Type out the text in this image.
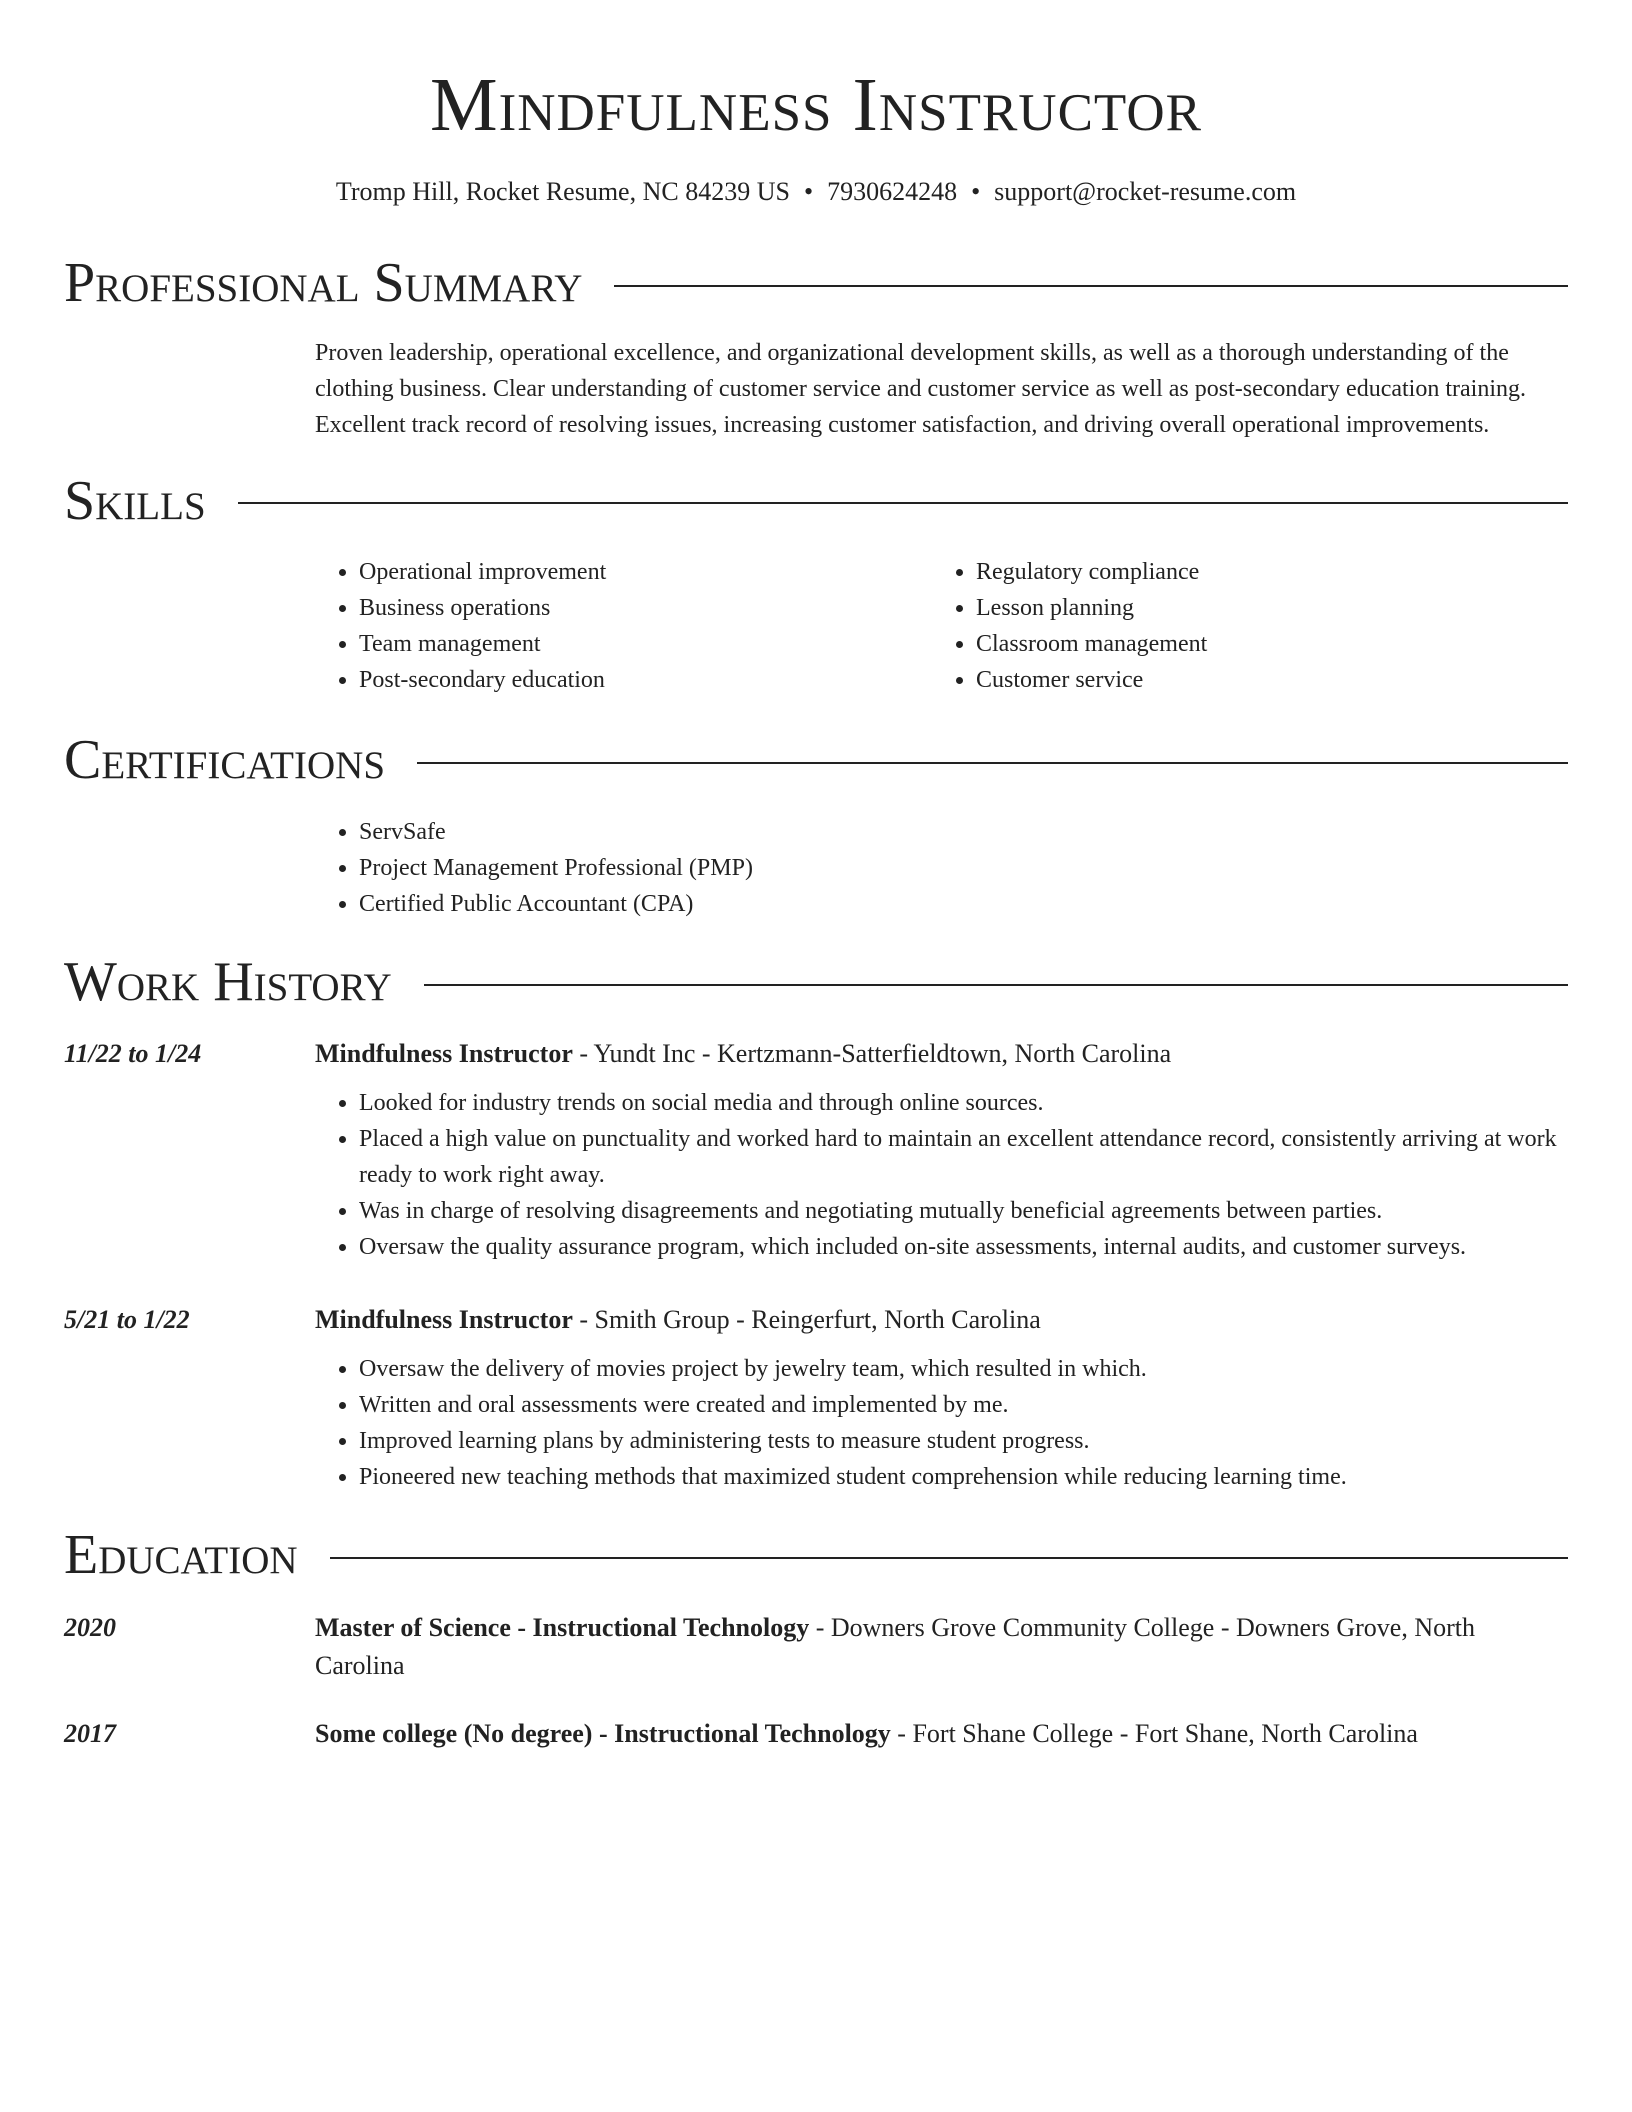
Mindfulness Instructor
Tromp Hill, Rocket Resume, NC 84239 US • 7930624248 • support@rocket-resume.com
Professional Summary

Proven leadership, operational excellence, and organizational development skills, as well as a thorough understanding of the clothing business. Clear understanding of customer service and customer service as well as post-secondary education training. Excellent track record of resolving issues, increasing customer satisfaction, and driving overall operational improvements.

Skills
• Operational improvement
• Business operations
• Team management
• Post-secondary education
• Regulatory compliance
• Lesson planning
• Classroom management
• Customer service
Certifications
• ServSafe
• Project Management Professional (PMP)
• Certified Public Accountant (CPA)
Work History
11/22 to 1/24	Mindfulness Instructor - Yundt Inc - Kertzmann-Satterfieldtown, North Carolina
• Looked for industry trends on social media and through online sources.
• Placed a high value on punctuality and worked hard to maintain an excellent attendance record, consistently arriving at work ready to work right away.
• Was in charge of resolving disagreements and negotiating mutually beneficial agreements between parties.
• Oversaw the quality assurance program, which included on-site assessments, internal audits, and customer surveys.
5/21 to 1/22	Mindfulness Instructor - Smith Group - Reingerfurt, North Carolina
• Oversaw the delivery of movies project by jewelry team, which resulted in which.
• Written and oral assessments were created and implemented by me.
• Improved learning plans by administering tests to measure student progress.
• Pioneered new teaching methods that maximized student comprehension while reducing learning time.
Education
2020	Master of Science - Instructional Technology - Downers Grove Community College - Downers Grove, North Carolina
2017	Some college (No degree) - Instructional Technology - Fort Shane College - Fort Shane, North Carolina
